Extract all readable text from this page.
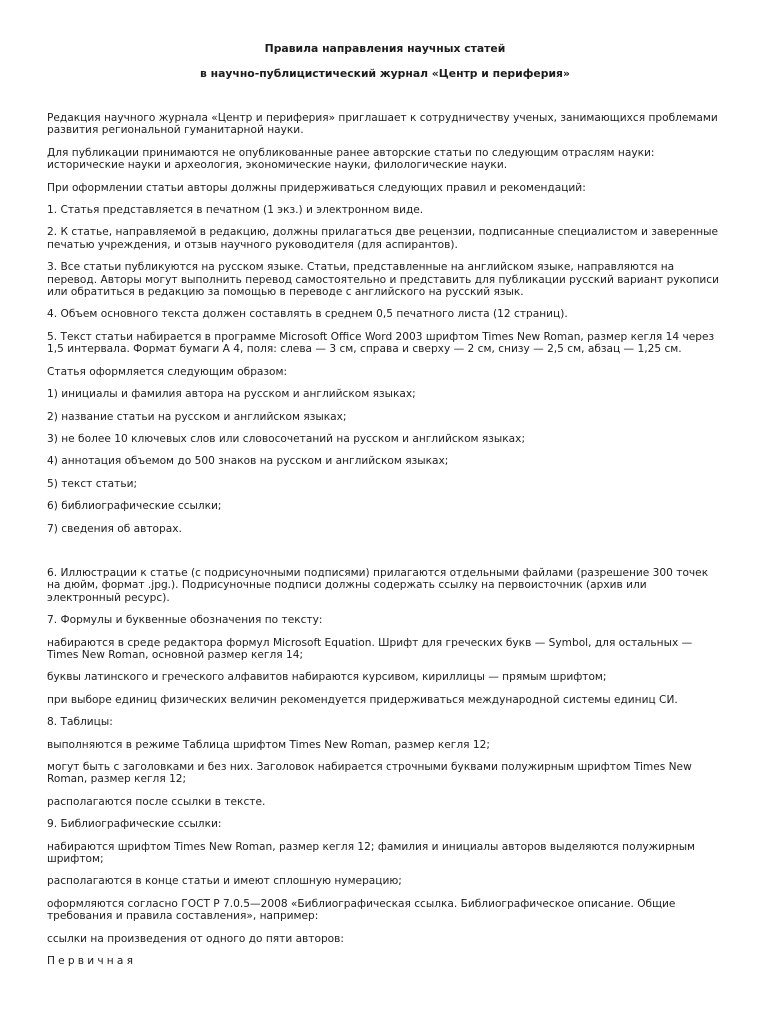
Правила направления научных статей

в научно-публицистический журнал «Центр и периферия»

Редакция научного журнала «Центр и периферия» приглашает к сотрудничеству ученых, занимающихся проблемами развития региональной гуманитарной науки.

Для публикации принимаются не опубликованные ранее авторские статьи по следующим отраслям науки: исторические науки и археология, экономические науки, филологические науки.

При оформлении статьи авторы должны придерживаться следующих правил и рекомендаций:

1. Статья представляется в печатном (1 экз.) и электронном виде.

2. К статье, направляемой в редакцию, должны прилагаться две рецензии, подписанные специалистом и заверенные печатью учреждения, и отзыв научного руководителя (для аспирантов).

3. Все статьи публикуются на русском языке. Статьи, представленные на английском языке, направляются на перевод. Авторы могут выполнить перевод самостоятельно и представить для публикации русский вариант рукописи или обратиться в редакцию за помощью в переводе с английского на русский язык.

4. Объем основного текста должен составлять в среднем 0,5 печатного листа (12 страниц).

5. Текст статьи набирается в программе Microsoft Office Word 2003 шрифтом Times New Roman, размер кегля 14 через 1,5 интервала. Формат бумаги А 4, поля: слева — 3 см, справа и сверху — 2 см, снизу — 2,5 см, абзац — 1,25 см.

Статья оформляется следующим образом:

1) инициалы и фамилия автора на русском и английском языках;

2) название статьи на русском и английском языках;

3) не более 10 ключевых слов или словосочетаний на русском и английском языках;

4) аннотация объемом до 500 знаков на русском и английском языках;

5) текст статьи;

6) библиографические ссылки;

7) сведения об авторах.

6. Иллюстрации к статье (с подрисуночными подписями) прилагаются отдельными файлами (разрешение 300 точек на дюйм, формат .jpg.). Подрисуночные подписи должны содержать ссылку на первоисточник (архив или электронный ресурс).

7. Формулы и буквенные обозначения по тексту:

набираются в среде редактора формул Microsoft Equation. Шрифт для греческих букв — Symbol, для остальных — Times New Roman, основной размер кегля 14;

буквы латинского и греческого алфавитов набираются курсивом, кириллицы — прямым шрифтом;

при выборе единиц физических величин рекомендуется придерживаться международной системы единиц СИ.

8. Таблицы:

выполняются в режиме Таблица шрифтом Times New Roman, размер кегля 12;

могут быть с заголовками и без них. Заголовок набирается строчными буквами полужирным шрифтом Times New Roman, размер кегля 12;

располагаются после ссылки в тексте.

9. Библиографические ссылки:

набираются шрифтом Times New Roman, размер кегля 12; фамилия и инициалы авторов выделяются полужирным шрифтом;

располагаются в конце статьи и имеют сплошную нумерацию;

оформляются согласно ГОСТ Р 7.0.5—2008 «Библиографическая ссылка. Библиографическое описание. Общие требования и правила составления», например:

ссылки на произведения от одного до пяти авторов:

Первичная
